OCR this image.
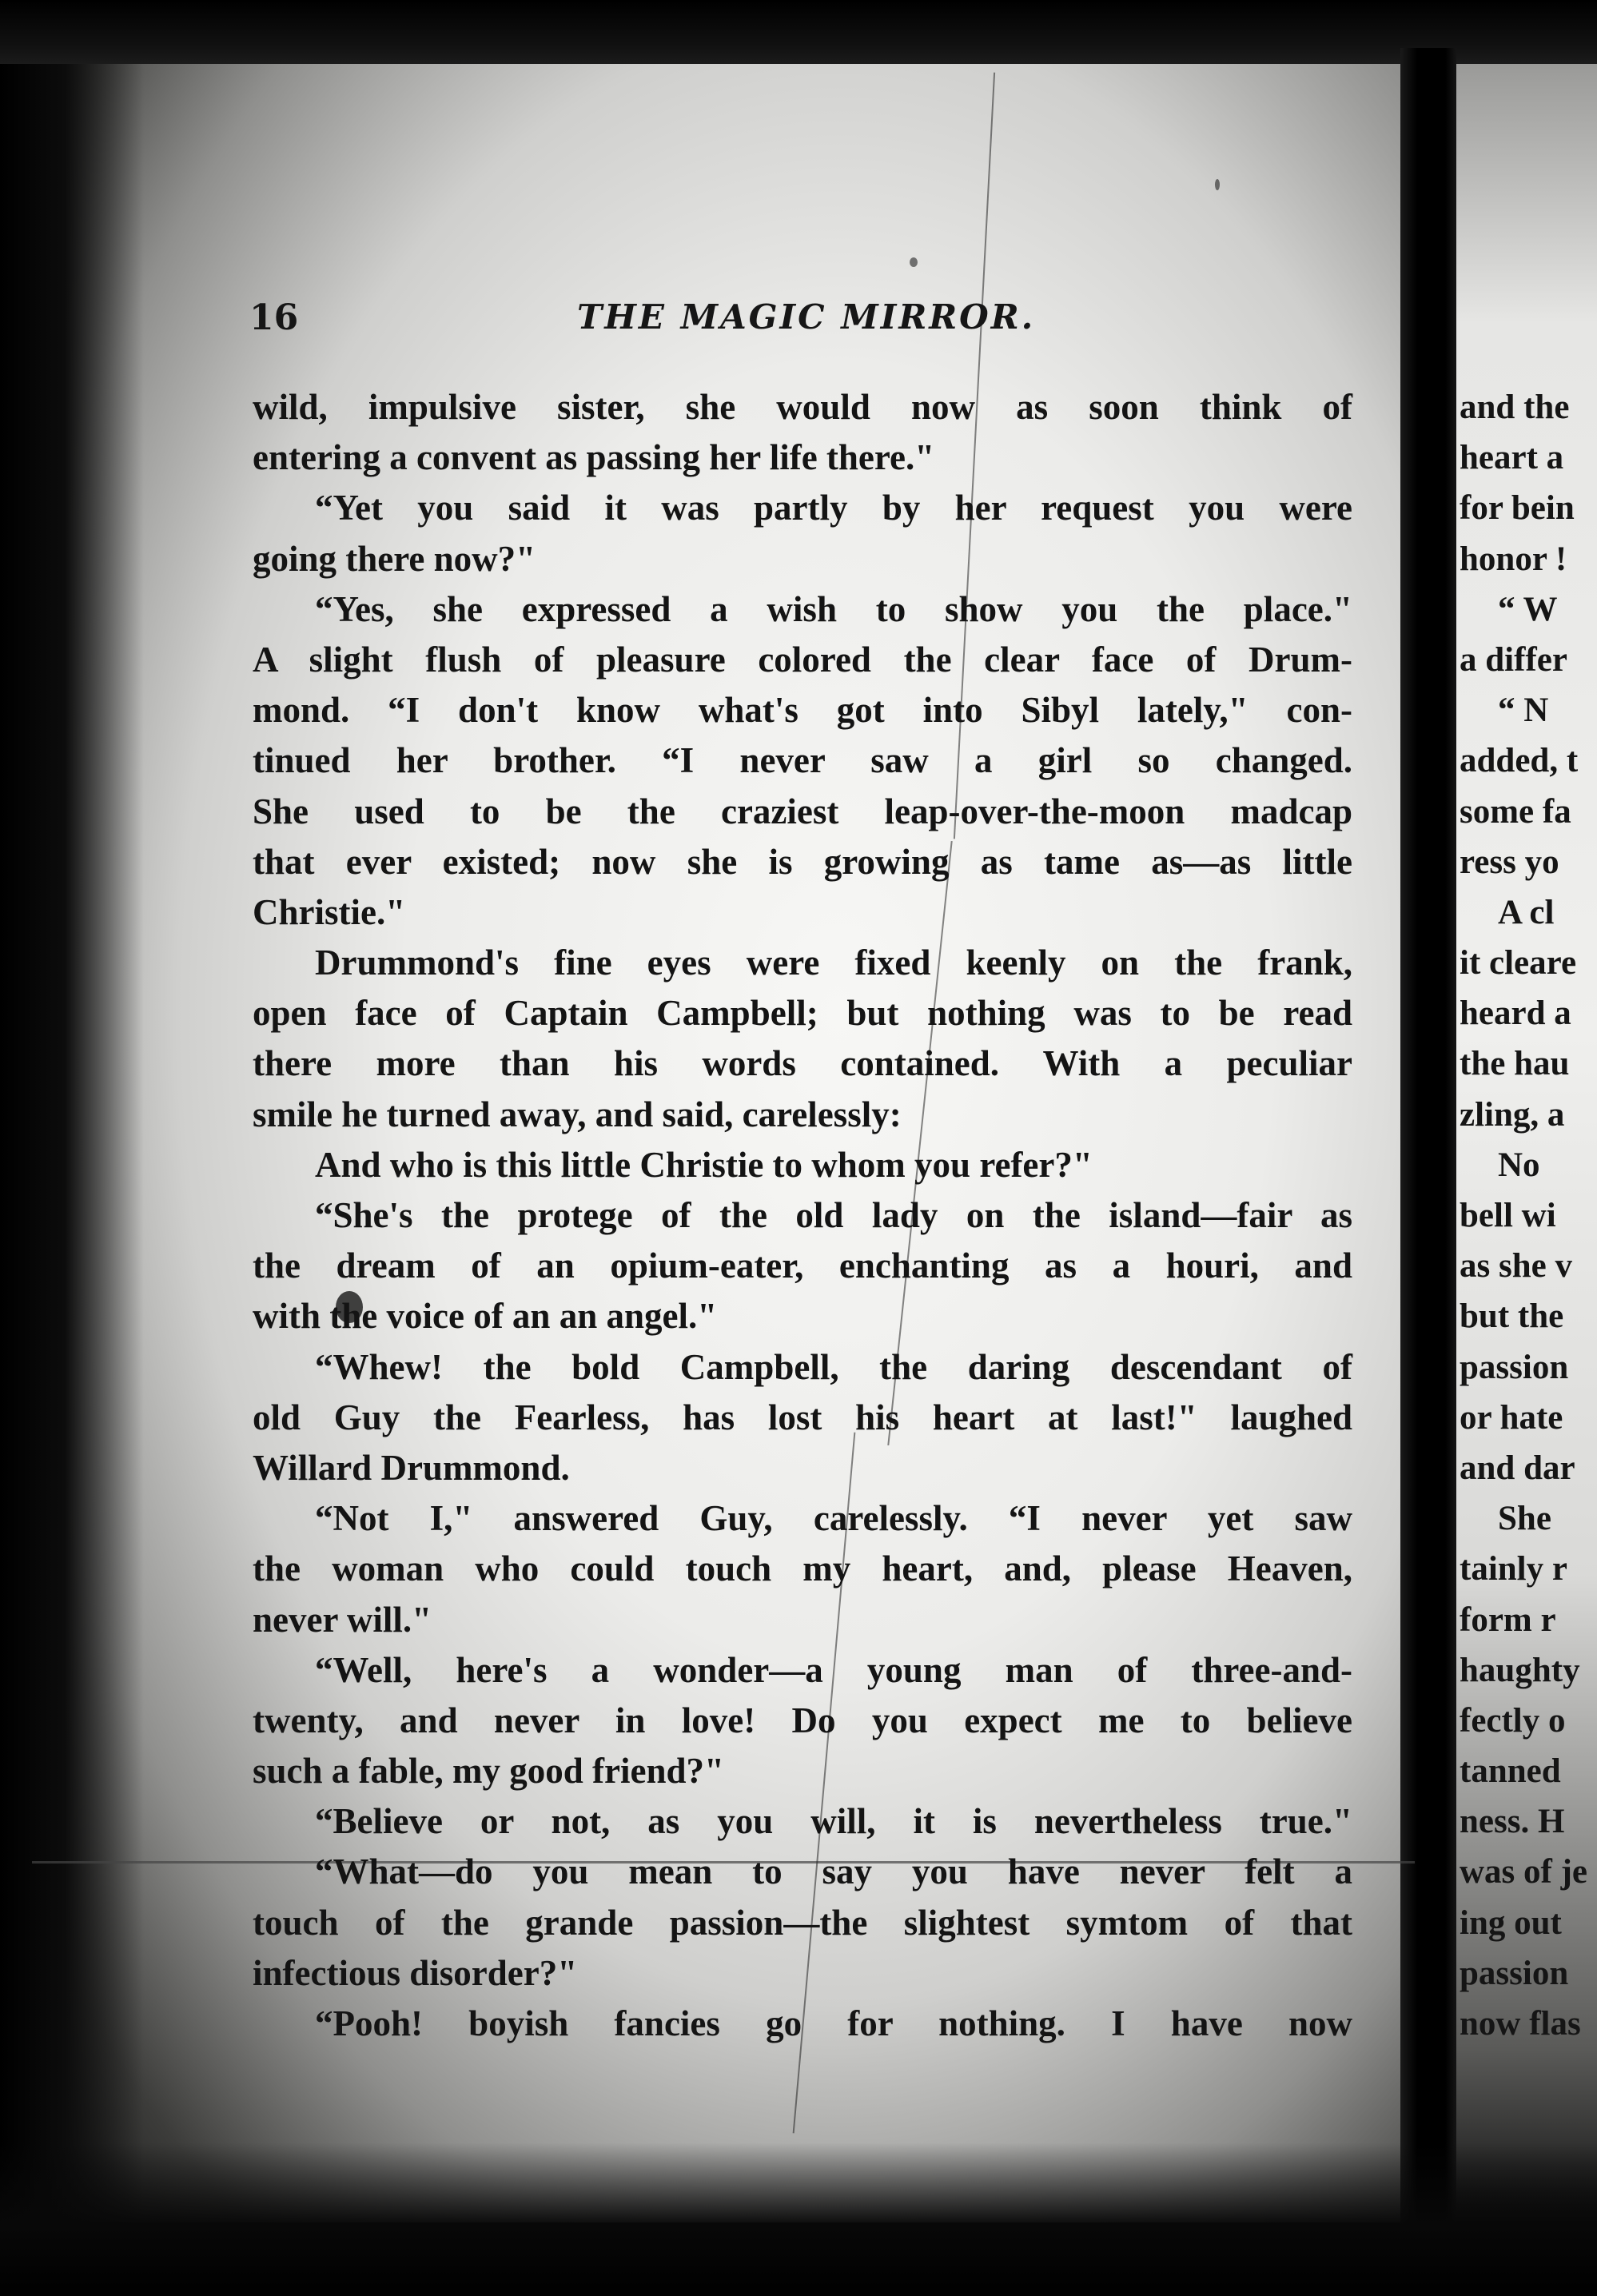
16	THE MAGIC MIRROR.
wild, impulsive sister, she would now as soon think of
entering a convent as passing her life there."
“Yet you said it was partly by her request you were
going there now?"
“Yes, she expressed a wish to show you the place."
A slight flush of pleasure colored the clear face of Drum-
mond. “I don't know what's got into Sibyl lately," con-
tinued her brother. “I never saw a girl so changed.
She used to be the craziest leap-over-the-moon madcap
that ever existed; now she is growing as tame as—as little
Christie."
Drummond's fine eyes were fixed keenly on the frank,
open face of Captain Campbell; but nothing was to be read
there more than his words contained. With a peculiar
smile he turned away, and said, carelessly:
And who is this little Christie to whom you refer?"
“She's the protege of the old lady on the island—fair as
the dream of an opium-eater, enchanting as a houri, and
with the voice of an an angel."
“Whew! the bold Campbell, the daring descendant of
old Guy the Fearless, has lost his heart at last!" laughed
Willard Drummond.
“Not I," answered Guy, carelessly. “I never yet saw
the woman who could touch my heart, and, please Heaven,
never will."
“Well, here's a wonder—a young man of three-and-
twenty, and never in love! Do you expect me to believe
such a fable, my good friend?"
“Believe or not, as you will, it is nevertheless true."
“What—do you mean to say you have never felt a
touch of the grande passion—the slightest symtom of that
infectious disorder?"
“Pooh! boyish fancies go for nothing. I have now
and the
heart a
for bein
honor !
“ W
a differ
“ N
added, t
some fa
ress yo
A cl
it cleare
heard a
the hau
zling, a
No
bell wi
as she v
but the
passion
or hate
and dar
She
tainly r
form r
haughty
fectly o
tanned
ness. H
was of je
ing out
passion
now flas
